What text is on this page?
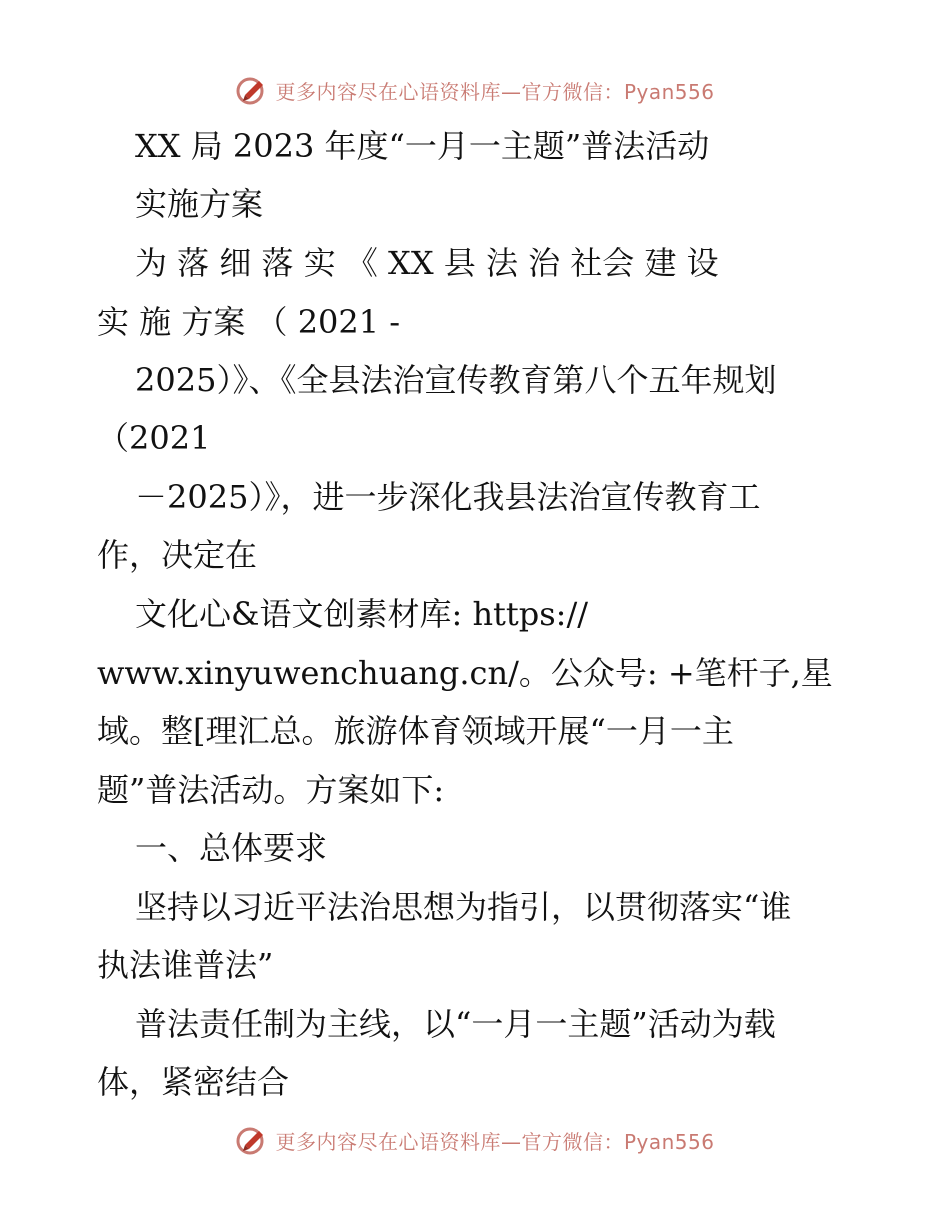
更多内容尽在心语资料库—官方微信：Pyan556
XX 局 2023 年度“一月一主题”普法活动
实施方案
为 落 细 落 实 《 XX 县 法 治 社会 建 设
实 施 方案 （ 2021 -
2025）》、《全县法治宣传教育第八个五年规划
（2021
－2025）》，进一步深化我县法治宣传教育工
作，决定在
文化心&语文创素材库: https://
www.xinyuwenchuang.cn/。公众号: +笔杆子,星
域。整[理汇总。旅游体育领域开展“一月一主
题”普法活动。方案如下:
一、总体要求
坚持以习近平法治思想为指引，以贯彻落实“谁
执法谁普法”
普法责任制为主线，以“一月一主题”活动为载
体，紧密结合
更多内容尽在心语资料库—官方微信：Pyan556
